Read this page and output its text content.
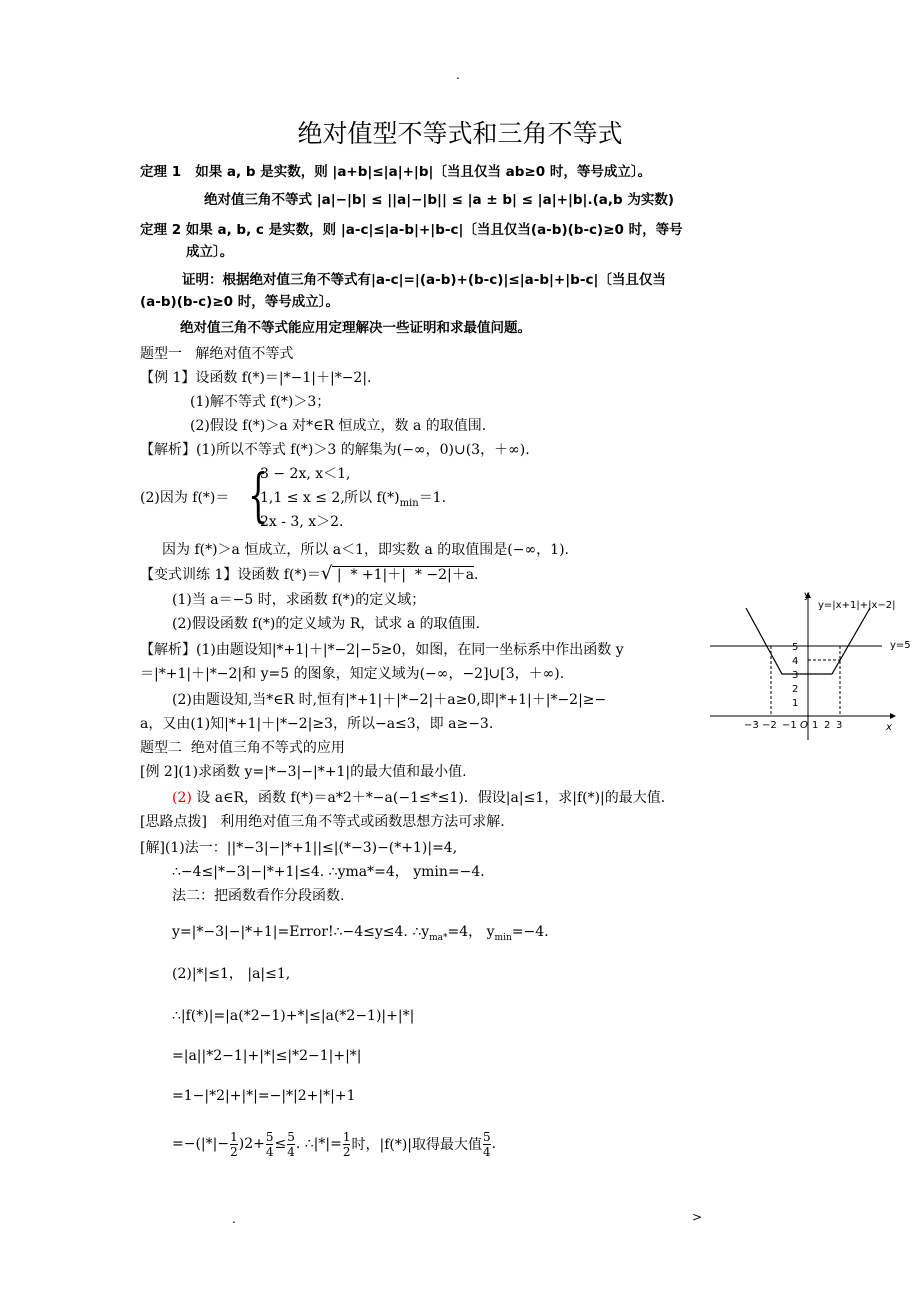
.
.	>
绝对值型不等式和三角不等式
定理 1   如果 a, b 是实数，则 |a+b|≤|a|+|b|〔当且仅当 ab≥0 时，等号成立〕。
绝对值三角不等式 |a|−|b| ≤ ||a|−|b|| ≤ |a ± b| ≤ |a|+|b|.(a,b 为实数)
定理 2 如果 a, b, c 是实数，则 |a-c|≤|a-b|+|b-c|〔当且仅当(a-b)(b-c)≥0 时，等号
成立〕。
证明：根据绝对值三角不等式有|a-c|=|(a-b)+(b-c)|≤|a-b|+|b-c|〔当且仅当
(a-b)(b-c)≥0 时，等号成立〕。
绝对值三角不等式能应用定理解决一些证明和求最值问题。
题型一   解绝对值不等式
【例 1】设函数 f(*)＝|*−1|＋|*−2|.
(1)解不等式 f(*)＞3；
(2)假设 f(*)＞a 对*∈R 恒成立，数 a 的取值围.
【解析】(1)所以不等式 f(*)＞3 的解集为(−∞，0)∪(3，＋∞).
(2)因为 f(*)＝ {
3 − 2x, x＜1,
1,1 ≤ x ≤ 2,
2x - 3, x＞2.
所以 $f(*)_{min}=1$.
因为 f(*)＞a 恒成立，所以 a＜1，即实数 a 的取值围是(−∞，1).
【变式训练 1】设函数 f(*)＝√ |  * +1|＋|  * −2|＋a.
(1)当 a＝−5 时，求函数 f(*)的定义域；
(2)假设函数 f(*)的定义域为 R，试求 a 的取值围.
【解析】(1)由题设知|*+1|＋|*−2|−5≥0，如图，在同一坐标系中作出函数 y
＝|*+1|＋|*−2|和 y=5 的图象，知定义域为(−∞，−2]∪[3，＋∞).
(2)由题设知,当*∈R 时,恒有|*+1|＋|*−2|＋a≥0,即|*+1|＋|*−2|≥−
a，又由(1)知|*+1|＋|*−2|≥3，所以−a≤3，即 a≥−3.
y
x
y=5
y=|x+1|+|x−2|
5
4
3
2
1
−3 −2 −1 O 1 2 3
题型二  绝对值三角不等式的应用
[例 2](1)求函数 y=|*−3|−|*+1|的最大值和最小值.
(2) 设 a∈R，函数 f(*)＝a*2＋*−a(−1≤*≤1)．假设|a|≤1，求|f(*)|的最大值.
[思路点拨]   利用绝对值三角不等式或函数思想方法可求解.
[解](1)法一：||*−3|−|*+1||≤|(*−3)−(*+1)|=4,
∴−4≤|*−3|−|*+1|≤4. ∴yma*=4， ymin=−4.
法二：把函数看作分段函数.
y=|*−3|−|*+1|=Error!∴−4≤y≤4. $\therefore y_{ma*}=4$， $y_{min}=-4$.
(2)|*|≤1， |a|≤1,
∴|f(*)|=|a(*2−1)+*|≤|a(*2−1)|+|*|
=|a||*2−1|+|*|≤|*2−1|+|*|
=1−|*2|+|*|=−|*|2+|*|+1
=−(|*|− $\frac{1}{2} )2+ \frac{5}{4} \le \frac{5}{4}$ . ∴|*|= $\frac{1}{2}$ 时，|f(*)|取得最大值
5
4 .
